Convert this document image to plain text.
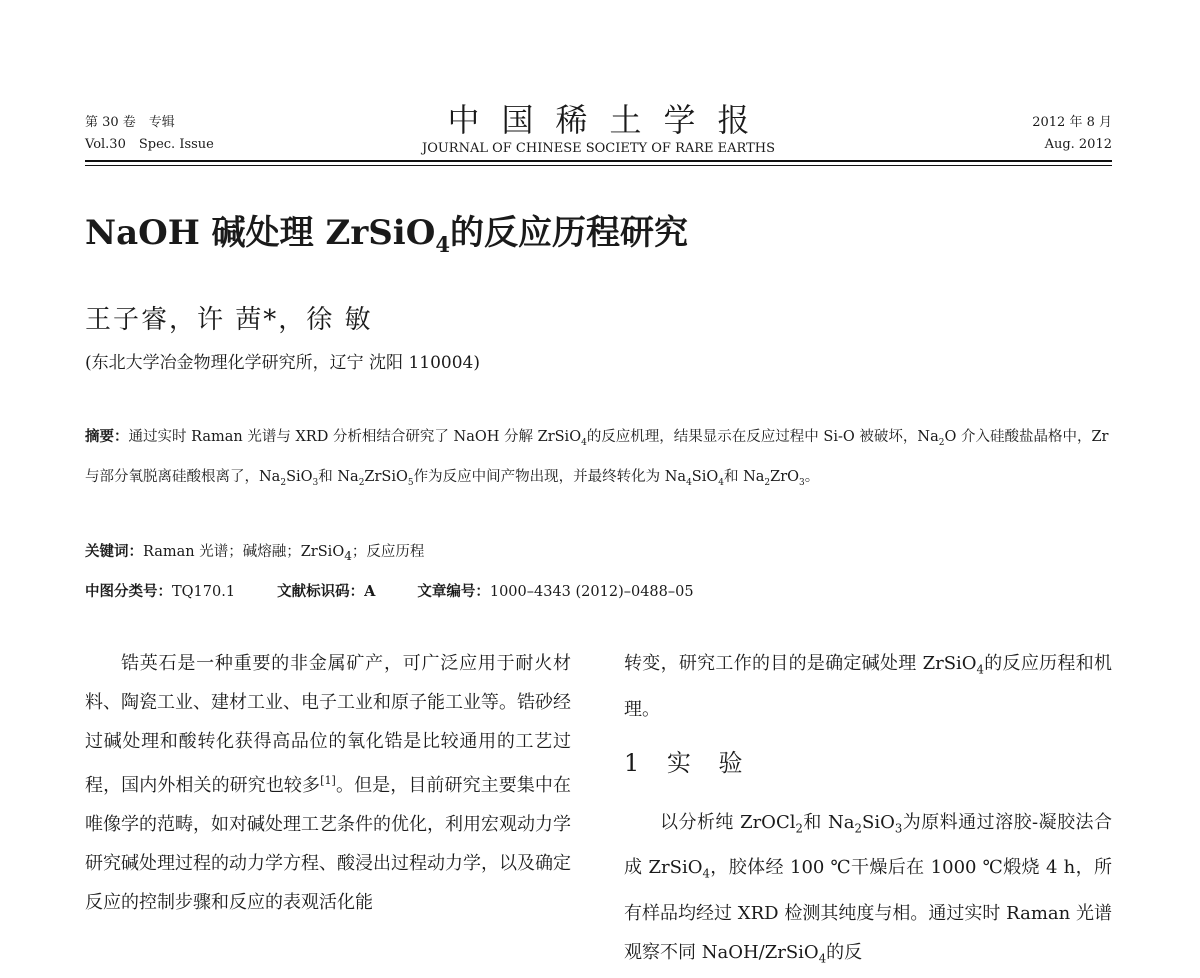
第 30 卷　专辑
Vol.30　Spec. Issue
中国稀土学报
JOURNAL OF CHINESE SOCIETY OF RARE EARTHS
2012 年 8 月
Aug. 2012
NaOH 碱处理 ZrSiO$_4$的反应历程研究
王子睿，许 茜*，徐 敏
(东北大学冶金物理化学研究所，辽宁 沈阳 110004)
摘要：通过实时 Raman 光谱与 XRD 分析相结合研究了 NaOH 分解 ZrSiO$_4$的反应机理，结果显示在反应过程中 Si-O 被破坏，$Na_2O$ 介入硅酸盐晶格中，Zr 与部分氧脱离硅酸根离了，$Na_2SiO_3$和 $Na_2ZrSiO_5$作为反应中间产物出现，并最终转化为 $Na_4SiO_4$和 $Na_2ZrO_3$。
关键词：Raman 光谱；碱熔融；ZrSiO$_4$；反应历程
中图分类号：TQ170.1	文献标识码：A	文章编号：1000–4343 (2012)–0488–05

锆英石是一种重要的非金属矿产，可广泛应用于耐火材料、陶瓷工业、建材工业、电子工业和原子能工业等。锆砂经过碱处理和酸转化获得高品位的氧化锆是比较通用的工艺过程，国内外相关的研究也较多[1]。但是，目前研究主要集中在唯像学的范畴，如对碱处理工艺条件的优化，利用宏观动力学研究碱处理过程的动力学方程、酸浸出过程动力学，以及确定反应的控制步骤和反应的表观活化能

转变，研究工作的目的是确定碱处理 ZrSiO$_4$的反应历程和机理。

1 实 验

以分析纯 ZrOCl$_2$和 $Na_2SiO_3$为原料通过溶胶-凝胶法合成 ZrSiO$_4$，胶体经 100 ℃干燥后在 1000 ℃煅烧 4 h，所有样品均经过 XRD 检测其纯度与相。通过实时 Raman 光谱观察不同 NaOH/ZrSiO$_4$的反
